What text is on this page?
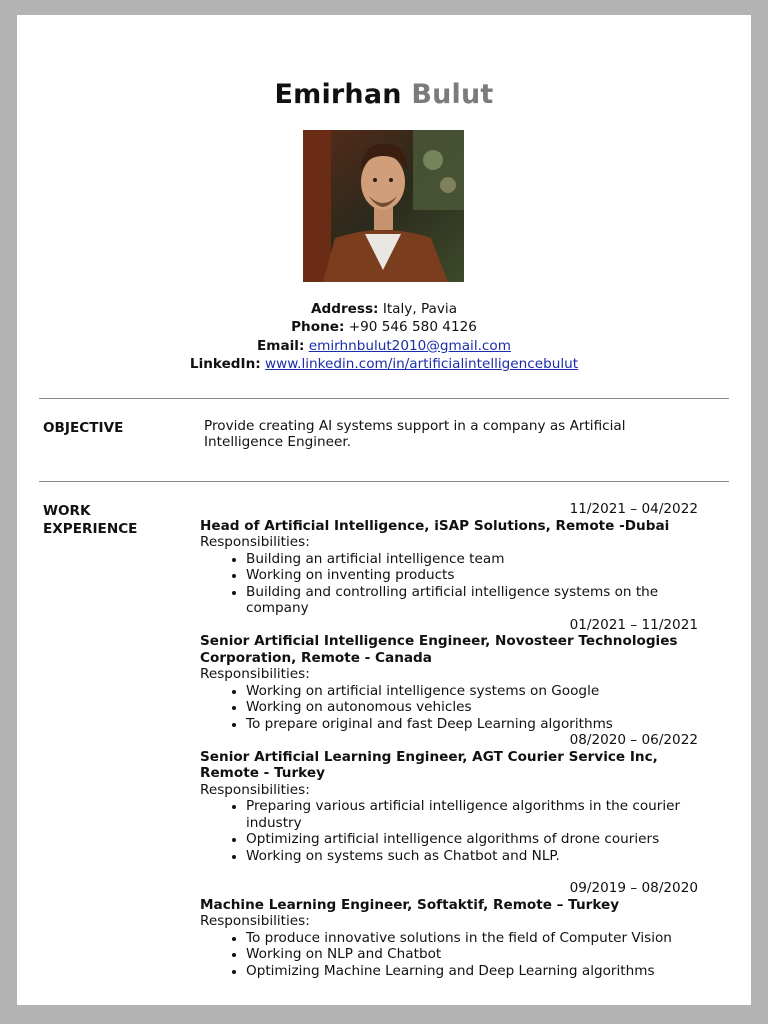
Emirhan Bulut
Address: Italy, Pavia
Phone: +90 546 580 4126
Email: emirhnbulut2010@gmail.com
LinkedIn: www.linkedin.com/in/artificialintelligencebulut
OBJECTIVE	Provide creating AI systems support in a company as Artificial Intelligence Engineer.
WORK
EXPERIENCE
11/2021 – 04/2022
Head of Artificial Intelligence, iSAP Solutions, Remote -Dubai
Responsibilities:
• Building an artificial intelligence team
• Working on inventing products
• Building and controlling artificial intelligence systems on the company
01/2021 – 11/2021
Senior Artificial Intelligence Engineer, Novosteer Technologies Corporation, Remote - Canada
Responsibilities:
• Working on artificial intelligence systems on Google
• Working on autonomous vehicles
• To prepare original and fast Deep Learning algorithms
08/2020 – 06/2022
Senior Artificial Learning Engineer, AGT Courier Service Inc, Remote - Turkey
Responsibilities:
• Preparing various artificial intelligence algorithms in the courier industry
• Optimizing artificial intelligence algorithms of drone couriers
• Working on systems such as Chatbot and NLP.
09/2019 – 08/2020
Machine Learning Engineer, Softaktif, Remote – Turkey
Responsibilities:
• To produce innovative solutions in the field of Computer Vision
• Working on NLP and Chatbot
• Optimizing Machine Learning and Deep Learning algorithms
